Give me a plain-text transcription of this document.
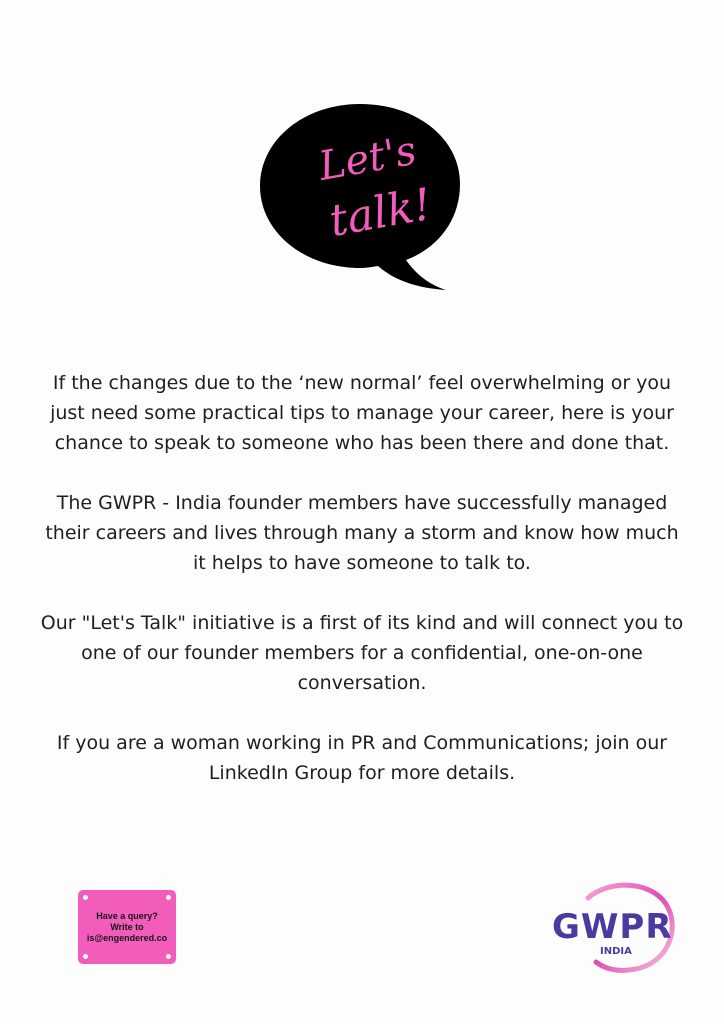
Let's
talk!

If the changes due to the ‘new normal’ feel overwhelming or you just need some practical tips to manage your career, here is your chance to speak to someone who has been there and done that.

The GWPR - India founder members have successfully managed their careers and lives through many a storm and know how much it helps to have someone to talk to.

Our "Let's Talk" initiative is a first of its kind and will connect you to one of our founder members for a confidential, one-on-one conversation.

If you are a woman working in PR and Communications; join our LinkedIn Group for more details.

Have a query?
Write to
is@engendered.co	GWPR
INDIA
